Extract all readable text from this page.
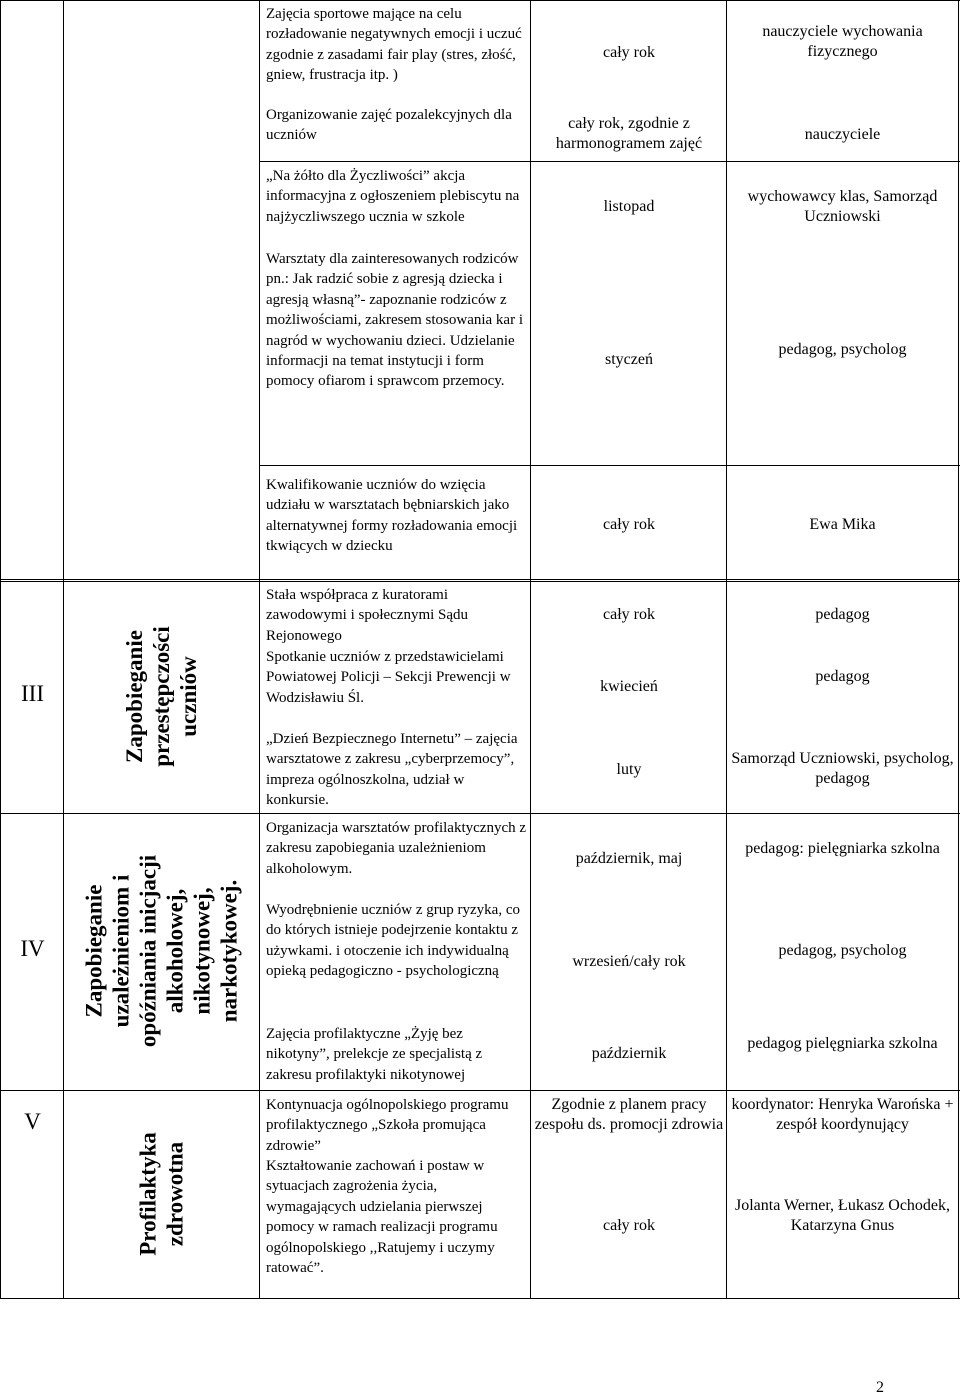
Zajęcia sportowe mające na celu rozładowanie negatywnych emocji i uczuć zgodnie z zasadami fair play (stres, złość, gniew, frustracja itp. )
Organizowanie zajęć pozalekcyjnych dla uczniów
„Na żółto dla Życzliwości” akcja informacyjna z ogłoszeniem plebiscytu na najżyczliwszego ucznia w szkole
Warsztaty dla zainteresowanych rodziców pn.: Jak radzić sobie z agresją dziecka i agresją własną”- zapoznanie rodziców z możliwościami, zakresem stosowania kar i nagród w wychowaniu dzieci. Udzielanie informacji na temat instytucji i form pomocy ofiarom i sprawcom przemocy.
Kwalifikowanie uczniów do wzięcia udziału w warsztatach bębniarskich jako alternatywnej formy rozładowania emocji tkwiących w dziecku
cały rok
cały rok, zgodnie z harmonogramem zajęć
listopad
styczeń
cały rok
nauczyciele wychowania fizycznego
nauczyciele
wychowawcy klas, Samorząd Uczniowski
pedagog, psycholog
Ewa Mika
III	Zapobieganie przestępczości uczniów
Stała współpraca z kuratorami zawodowymi i społecznymi Sądu Rejonowego
Spotkanie uczniów z przedstawicielami Powiatowej Policji – Sekcji Prewencji w Wodzisławiu Śl.
„Dzień Bezpiecznego Internetu” – zajęcia warsztatowe z zakresu „cyberprzemocy”, impreza ogólnoszkolna, udział w konkursie.
cały rok
kwiecień
luty
pedagog
pedagog
Samorząd Uczniowski, psycholog, pedagog
IV	Zapobieganie uzależnieniom i opóźniania inicjacji alkoholowej, nikotynowej, narkotykowej.
Organizacja warsztatów profilaktycznych z zakresu zapobiegania uzależnieniom alkoholowym.
Wyodrębnienie uczniów z grup ryzyka, co do których istnieje podejrzenie kontaktu z używkami. i otoczenie ich indywidualną opieką pedagogiczno - psychologiczną
Zajęcia profilaktyczne „Żyję bez nikotyny”, prelekcje ze specjalistą z zakresu profilaktyki nikotynowej
październik, maj
wrzesień/cały rok
październik
pedagog: pielęgniarka szkolna
pedagog, psycholog
pedagog pielęgniarka szkolna
V
Profilaktyka zdrowotna
Kontynuacja ogólnopolskiego programu profilaktycznego „Szkoła promująca zdrowie”
Kształtowanie zachowań i postaw w sytuacjach zagrożenia życia, wymagających udzielania pierwszej pomocy w ramach realizacji programu ogólnopolskiego ,,Ratujemy i uczymy ratować”.
Zgodnie z planem pracy zespołu ds. promocji zdrowia
cały rok
koordynator: Henryka Warońska + zespół koordynujący
Jolanta Werner, Łukasz Ochodek, Katarzyna Gnus
2
